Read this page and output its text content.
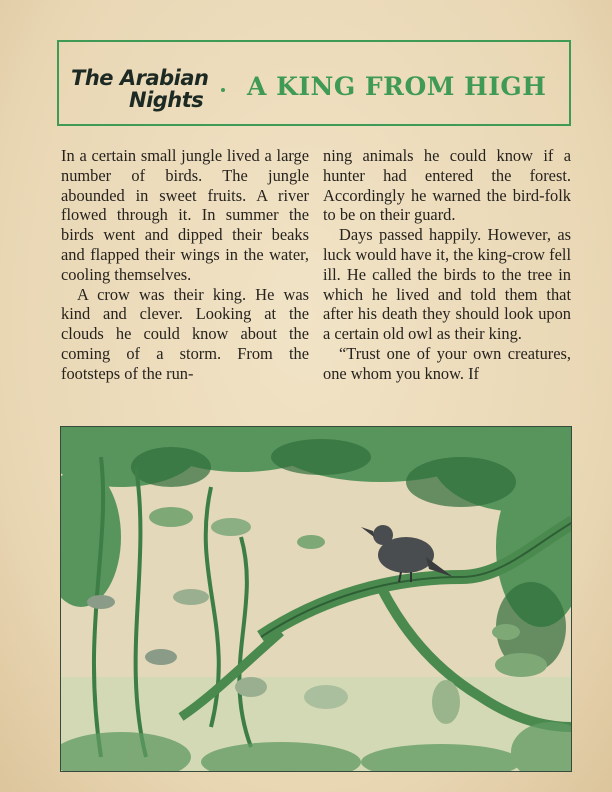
The Arabian
Nights A KING FROM HIGH

In a certain small jungle lived a large number of birds. The jungle abounded in sweet fruits. A river flowed through it. In summer the birds went and dipped their beaks and flapped their wings in the water, cooling themselves.

A crow was their king. He was kind and clever. Looking at the clouds he could know about the coming of a storm. From the footsteps of the run-

ning animals he could know if a hunter had entered the forest. Accordingly he warned the bird-folk to be on their guard.

Days passed happily. However, as luck would have it, the king-crow fell ill. He called the birds to the tree in which he lived and told them that after his death they should look upon a certain old owl as their king.

“Trust one of your own creatures, one whom you know. If
